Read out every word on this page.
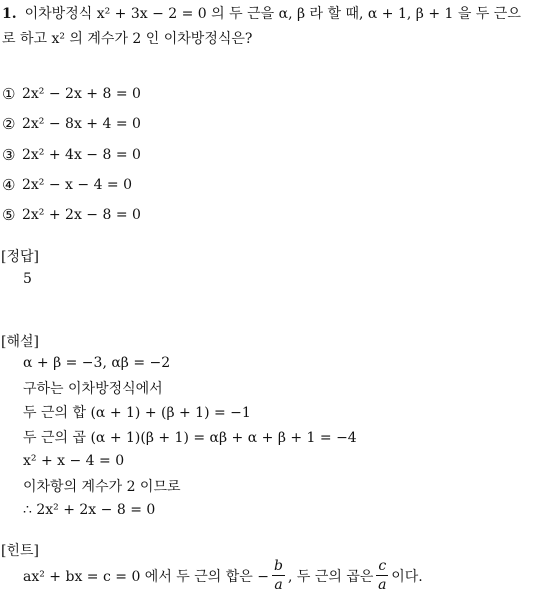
1. 이차방정식 x² + 3x − 2 = 0 의 두 근을 α, β 라 할 때, α + 1, β + 1 을 두 근으로 하고 x² 의 계수가 2 인 이차방정식은?
① 2x² − 2x + 8 = 0
② 2x² − 8x + 4 = 0
③ 2x² + 4x − 8 = 0
④ 2x² − x − 4 = 0
⑤ 2x² + 2x − 8 = 0
[정답]
5
[해설]
α + β = −3, αβ = −2
구하는 이차방정식에서
두 근의 합 (α + 1) + (β + 1) = −1
두 근의 곱 (α + 1)(β + 1) = αβ + α + β + 1 = −4
x² + x − 4 = 0
이차항의 계수가 2 이므로
∴ 2x² + 2x − 8 = 0
[힌트]
ax² + bx = c = 0 에서 두 근의 합은 − $\frac{b}{a}$ , 두 근의 곱은 $\frac{c}{a}$ 이다.
